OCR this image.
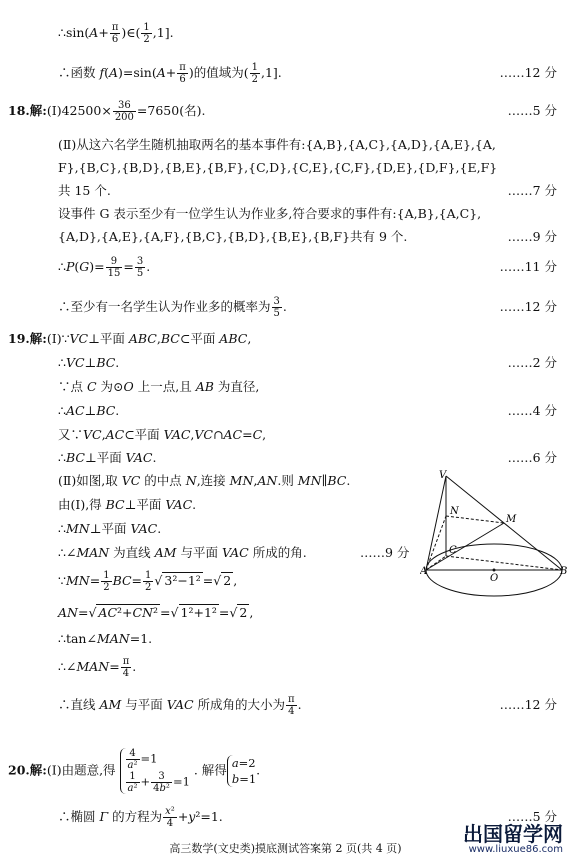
∴sin(A+ $\frac{\pi}{6}$ )∈( $\frac{1}{2} ,1$].
∴函数 $f(A)=\sin(A+ \frac{\pi}{6}$ )的值域为( $\frac{1}{2} ,1$].	……12 分
18.解:(Ⅰ)42500× $\frac{36}{200} =7650$(名).	……5 分
(Ⅱ)从这六名学生随机抽取两名的基本事件有:{A,B},{A,C},{A,D},{A,E},{A,
F},{B,C},{B,D},{B,E},{B,F},{C,D},{C,E},{C,F},{D,E},{D,F},{E,F}
共 15 个.	……7 分
设事件 G 表示至少有一位学生认为作业多,符合要求的事件有:{A,B},{A,C},
{A,D},{A,E},{A,F},{B,C},{B,D},{B,E},{B,F}共有 9 个.	……9 分
∴P(G)= $\frac{9}{15} = \frac{3}{5}$ .	……11 分
∴至少有一名学生认为作业多的概率为 $\frac{3}{5}$ .	……12 分
19.解:(Ⅰ)∵VC⊥平面 ABC,BC⊂平面 ABC,
∴VC⊥BC.	……2 分
∵点 C 为⊙O 上一点,且 AB 为直径,
∴AC⊥BC.	……4 分
又∵VC,AC⊂平面 VAC,VC∩AC=C,
∴BC⊥平面 VAC.	……6 分
(Ⅱ)如图,取 VC 的中点 N,连接 MN,AN.则 MN∥BC.
由(Ⅰ),得 BC⊥平面 VAC.
∴MN⊥平面 VAC.
∴∠MAN 为直线 AM 与平面 VAC 所成的角.	……9 分
∵MN= $\frac{1}{2} BC= \frac{1}{2}$ √ 3²−1² =√ 2 ,
AN=√ AC²+CN² =√ 1²+1² =√ 2 ,
∴tan∠MAN=1.
∴∠MAN= $\frac{\pi}{4}$ .
∴直线 AM 与平面 VAC 所成角的大小为 $\frac{\pi}{4}$ .	……12 分
20.解:(Ⅰ)由题意,得 $\frac{4}{\text{a²}} =1$

$\frac{1}{\text{a²}} + \frac{3}{\text{4b²}} =1$ . 解得 a=2
b=1.
∴椭圆 Γ 的方程为 $\frac{\text{x²}}{4} +y^2=1$.	……5 分
V
N
M
C
A
O
B
高三数学(文史类)摸底测试答案第 2 页(共 4 页)
出国留学网
www.liuxue86.com
